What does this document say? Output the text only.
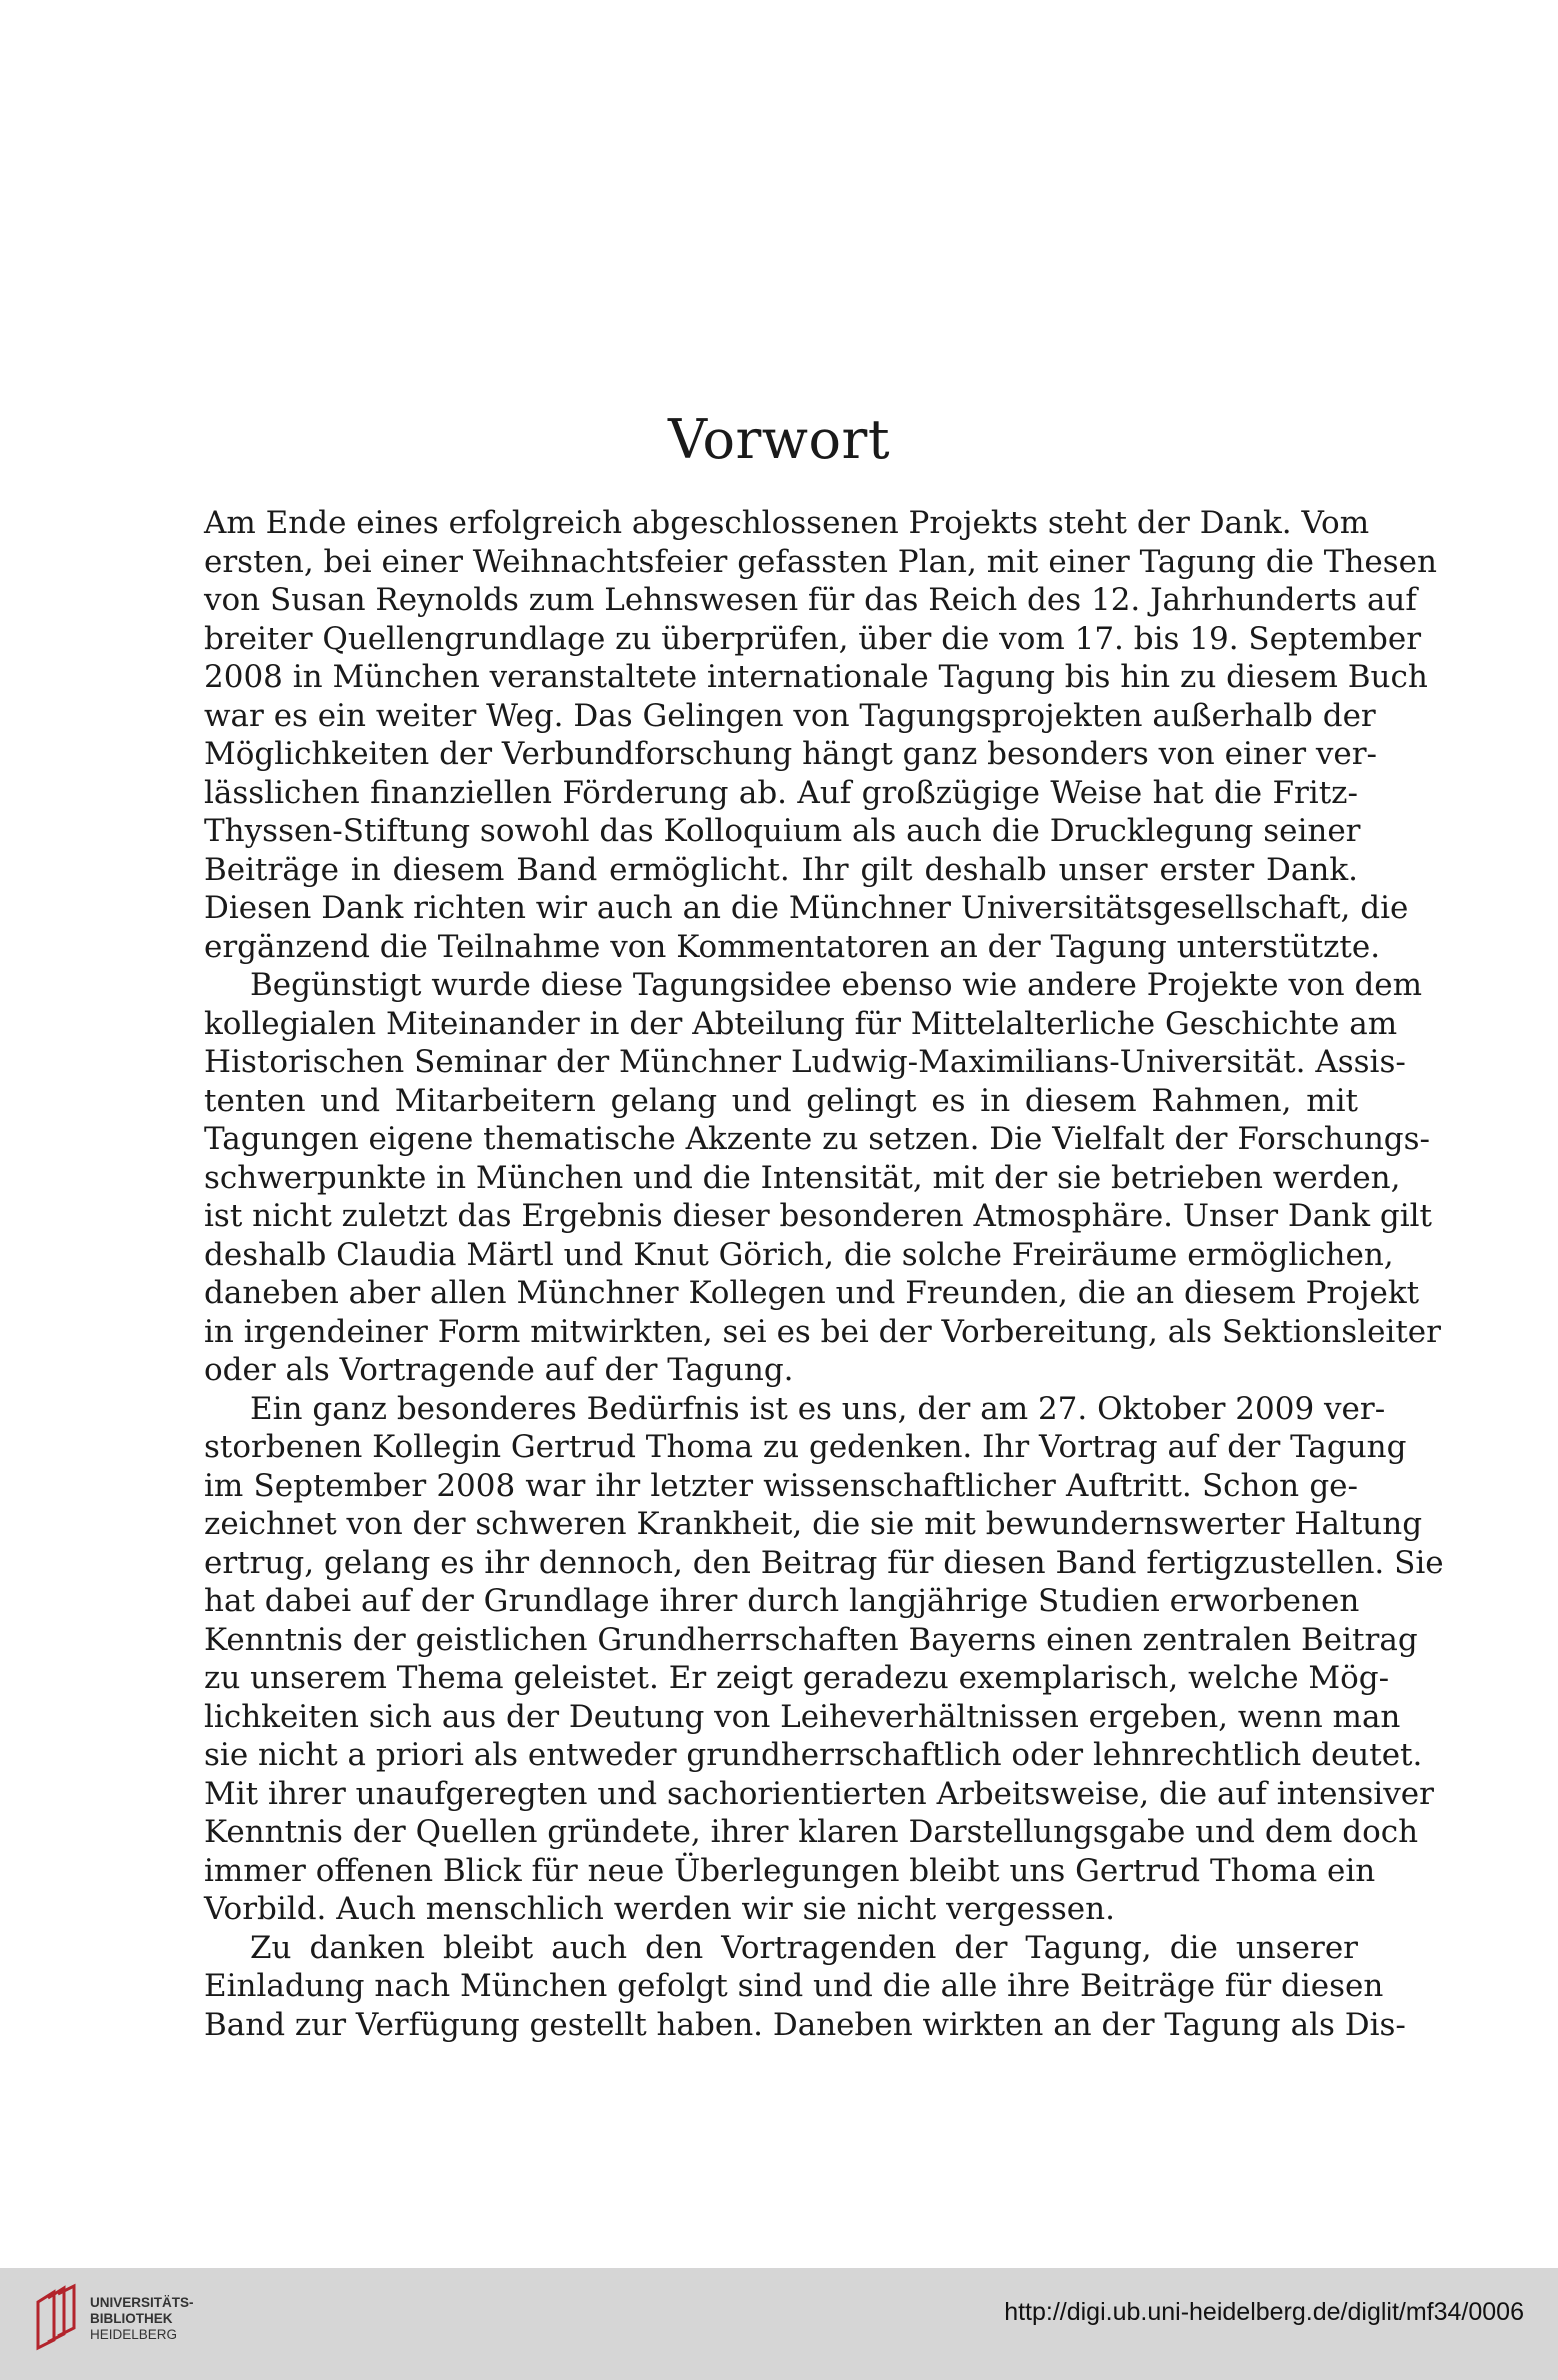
Vorwort
Am Ende eines erfolgreich abgeschlossenen Projekts steht der Dank. Vom
ersten, bei einer Weihnachtsfeier gefassten Plan, mit einer Tagung die Thesen
von Susan Reynolds zum Lehnswesen für das Reich des 12. Jahrhunderts auf
breiter Quellengrundlage zu überprüfen, über die vom 17. bis 19. September
2008 in München veranstaltete internationale Tagung bis hin zu diesem Buch
war es ein weiter Weg. Das Gelingen von Tagungsprojekten außerhalb der
Möglichkeiten der Verbundforschung hängt ganz besonders von einer ver-
lässlichen finanziellen Förderung ab. Auf großzügige Weise hat die Fritz-
Thyssen-Stiftung sowohl das Kolloquium als auch die Drucklegung seiner
Beiträge in diesem Band ermöglicht. Ihr gilt deshalb unser erster Dank.
Diesen Dank richten wir auch an die Münchner Universitätsgesellschaft, die
ergänzend die Teilnahme von Kommentatoren an der Tagung unterstützte.
Begünstigt wurde diese Tagungsidee ebenso wie andere Projekte von dem
kollegialen Miteinander in der Abteilung für Mittelalterliche Geschichte am
Historischen Seminar der Münchner Ludwig-Maximilians-Universität. Assis-
tenten und Mitarbeitern gelang und gelingt es in diesem Rahmen, mit
Tagungen eigene thematische Akzente zu setzen. Die Vielfalt der Forschungs-
schwerpunkte in München und die Intensität, mit der sie betrieben werden,
ist nicht zuletzt das Ergebnis dieser besonderen Atmosphäre. Unser Dank gilt
deshalb Claudia Märtl und Knut Görich, die solche Freiräume ermöglichen,
daneben aber allen Münchner Kollegen und Freunden, die an diesem Projekt
in irgendeiner Form mitwirkten, sei es bei der Vorbereitung, als Sektionsleiter
oder als Vortragende auf der Tagung.
Ein ganz besonderes Bedürfnis ist es uns, der am 27. Oktober 2009 ver-
storbenen Kollegin Gertrud Thoma zu gedenken. Ihr Vortrag auf der Tagung
im September 2008 war ihr letzter wissenschaftlicher Auftritt. Schon ge-
zeichnet von der schweren Krankheit, die sie mit bewundernswerter Haltung
ertrug, gelang es ihr dennoch, den Beitrag für diesen Band fertigzustellen. Sie
hat dabei auf der Grundlage ihrer durch langjährige Studien erworbenen
Kenntnis der geistlichen Grundherrschaften Bayerns einen zentralen Beitrag
zu unserem Thema geleistet. Er zeigt geradezu exemplarisch, welche Mög-
lichkeiten sich aus der Deutung von Leiheverhältnissen ergeben, wenn man
sie nicht a priori als entweder grundherrschaftlich oder lehnrechtlich deutet.
Mit ihrer unaufgeregten und sachorientierten Arbeitsweise, die auf intensiver
Kenntnis der Quellen gründete, ihrer klaren Darstellungsgabe und dem doch
immer offenen Blick für neue Überlegungen bleibt uns Gertrud Thoma ein
Vorbild. Auch menschlich werden wir sie nicht vergessen.
Zu danken bleibt auch den Vortragenden der Tagung, die unserer
Einladung nach München gefolgt sind und die alle ihre Beiträge für diesen
Band zur Verfügung gestellt haben. Daneben wirkten an der Tagung als Dis-
UNIVERSITÄTS-
BIBLIOTHEK
HEIDELBERG
http://digi.ub.uni-heidelberg.de/diglit/mf34/0006
